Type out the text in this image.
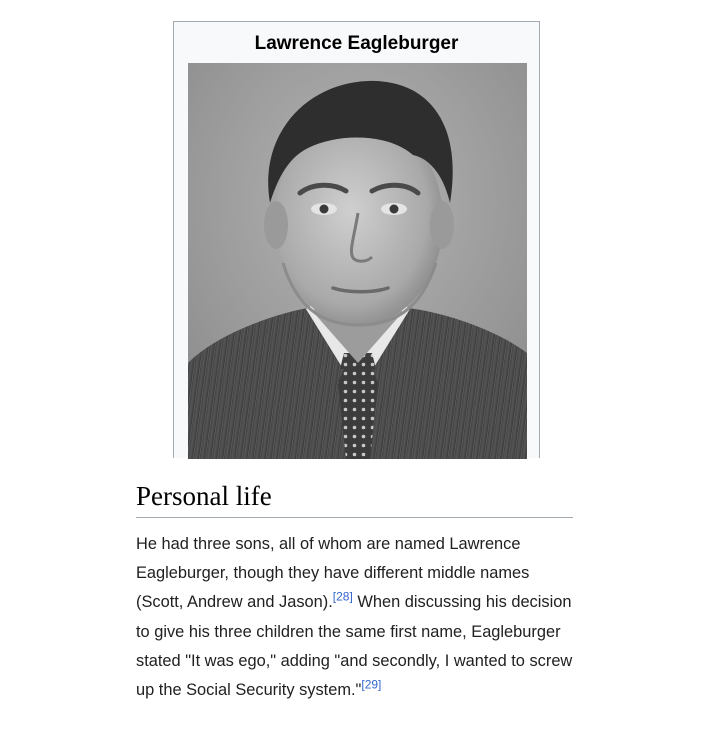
Lawrence Eagleburger
Personal life

He had three sons, all of whom are named Lawrence Eagleburger, though they have different middle names (Scott, Andrew and Jason).[28] When discussing his decision to give his three children the same first name, Eagleburger stated "It was ego," adding "and secondly, I wanted to screw up the Social Security system."[29]
